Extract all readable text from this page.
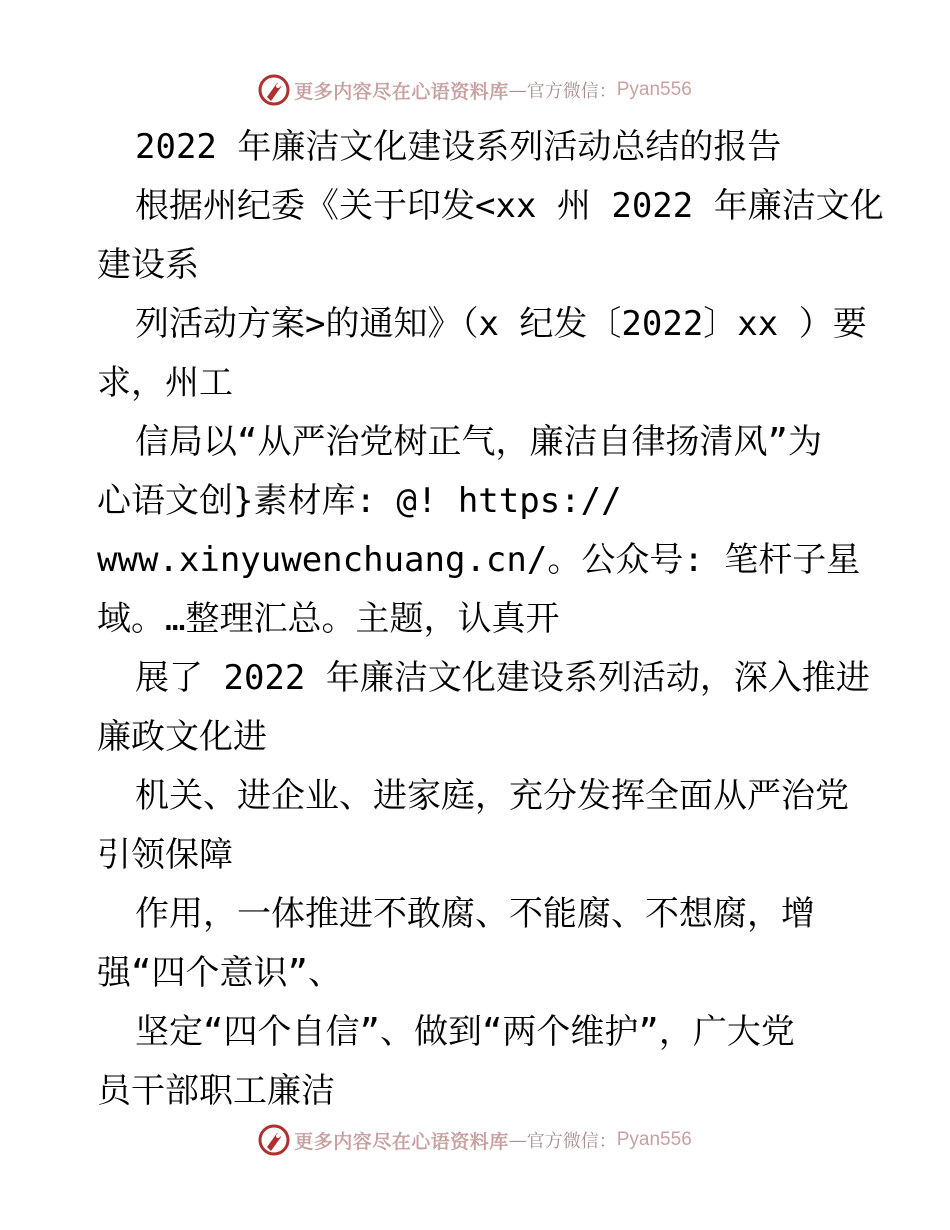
更多内容尽在心语资料库 — 官方微信： Pyan556
2022 年廉洁文化建设系列活动总结的报告
根据州纪委《关于印发<xx 州 2022 年廉洁文化
建设系
列活动方案>的通知》（x 纪发〔2022〕xx ）要
求，州工
信局以“从严治党树正气，廉洁自律扬清风”为
心语文创}素材库: @! https://
www.xinyuwenchuang.cn/。公众号: 笔杆子星
域。…整理汇总。主题，认真开
展了 2022 年廉洁文化建设系列活动，深入推进
廉政文化进
机关、进企业、进家庭，充分发挥全面从严治党
引领保障
作用，一体推进不敢腐、不能腐、不想腐，增
强“四个意识”、
坚定“四个自信”、做到“两个维护”，广大党
员干部职工廉洁
更多内容尽在心语资料库 — 官方微信： Pyan556
